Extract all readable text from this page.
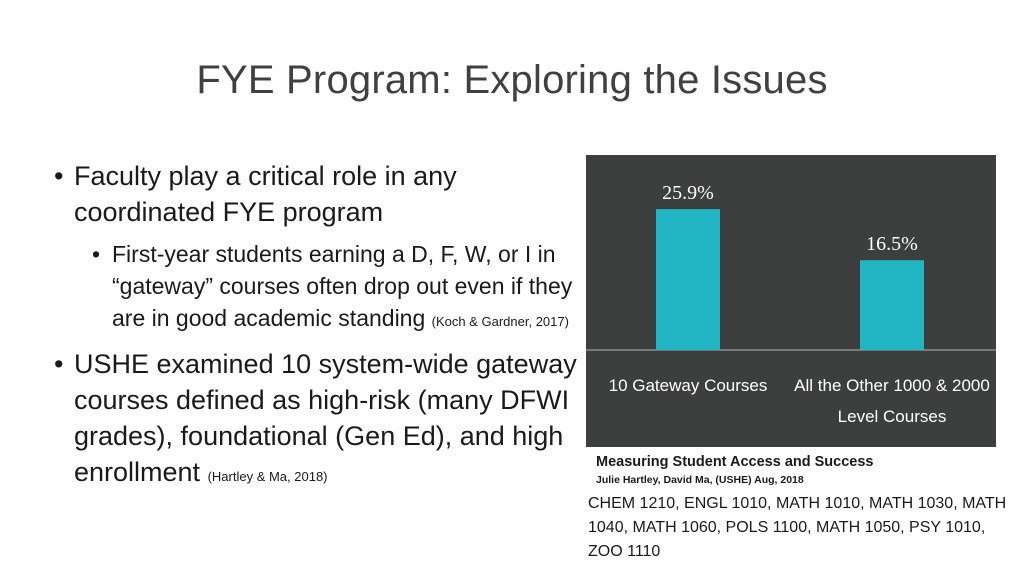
FYE Program: Exploring the Issues

• Faculty play a critical role in any coordinated FYE program

• First-year students earning a D, F, W, or I in “gateway” courses often drop out even if they are in good academic standing (Koch & Gardner, 2017)

• USHE examined 10 system-wide gateway courses defined as high-risk (many DFWI grades), foundational (Gen Ed), and high enrollment (Hartley & Ma, 2018)

25.9%
10 Gateway Courses
16.5%
All the Other 1000 & 2000
Level Courses

Measuring Student Access and Success

Julie Hartley, David Ma, (USHE) Aug, 2018

CHEM 1210, ENGL 1010, MATH 1010, MATH 1030, MATH 1040, MATH 1060, POLS 1100, MATH 1050, PSY 1010, ZOO 1110
